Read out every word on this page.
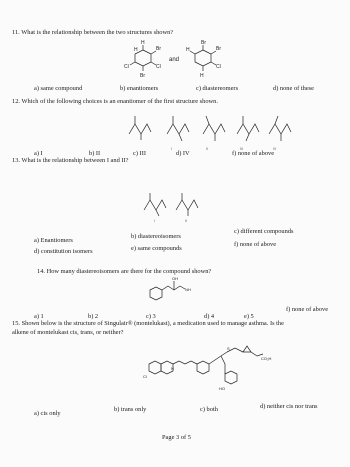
11. What is the relationship between the two structures shown?
H
H
Br
Cl
Cl
Br
and
Br
Br
H
Cl
H
a) same compound	b) enantiomers	c) diastereomers	d) none of these
12. Which of the following choices is an enantiomer of the first structure shown.
I	II	III	IV
a) I	b) II	c) III	d) IV	f) none of above
13. What is the relationship between I and II?
I	II
a) Enantiomers
b) diastereoisomers
c) different compounds
d) constitution isomers	e) same compounds
f) none of above
14. How many diastereoisomers are there for the compound shown?
OH
NH
a) 1	b) 2	c) 3	d) 4	e) 5
f) none of above
15. Shown below is the structure of Singulair® (montelukast), a medication used to manage asthma. Is the
alkene of montelukast cis, trans, or neither?
Cl
N
S
CO₂H
HO
a) cis only
b) trans only	c) both	d) neither cis nor trans
Page 3 of 5
